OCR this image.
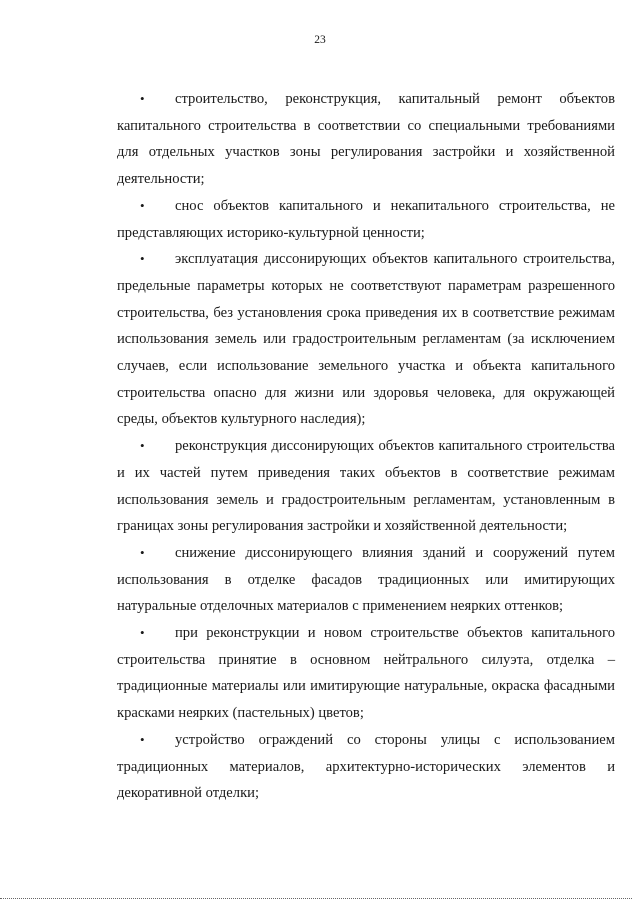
23

• строительство, реконструкция, капитальный ремонт объектов капитального строительства в соответствии со специальными требованиями для отдельных участков зоны регулирования застройки и хозяйственной деятельности;

• снос объектов капитального и некапитального строительства, не представляющих историко-культурной ценности;

• эксплуатация диссонирующих объектов капитального строительства, предельные параметры которых не соответствуют параметрам разрешенного строительства, без установления срока приведения их в соответствие режимам использования земель или градостроительным регламентам (за исключением случаев, если использование земельного участка и объекта капитального строительства опасно для жизни или здоровья человека, для окружающей среды, объектов культурного наследия);

• реконструкция диссонирующих объектов капитального строительства и их частей путем приведения таких объектов в соответствие режимам использования земель и градостроительным регламентам, установленным в границах зоны регулирования застройки и хозяйственной деятельности;

• снижение диссонирующего влияния зданий и сооружений путем использования в отделке фасадов традиционных или имитирующих натуральные отделочных материалов с применением неярких оттенков;

• при реконструкции и новом строительстве объектов капитального строительства принятие в основном нейтрального силуэта, отделка – традиционные материалы или имитирующие натуральные, окраска фасадными красками неярких (пастельных) цветов;

• устройство ограждений со стороны улицы с использованием традиционных материалов, архитектурно-исторических элементов и декоративной отделки;
